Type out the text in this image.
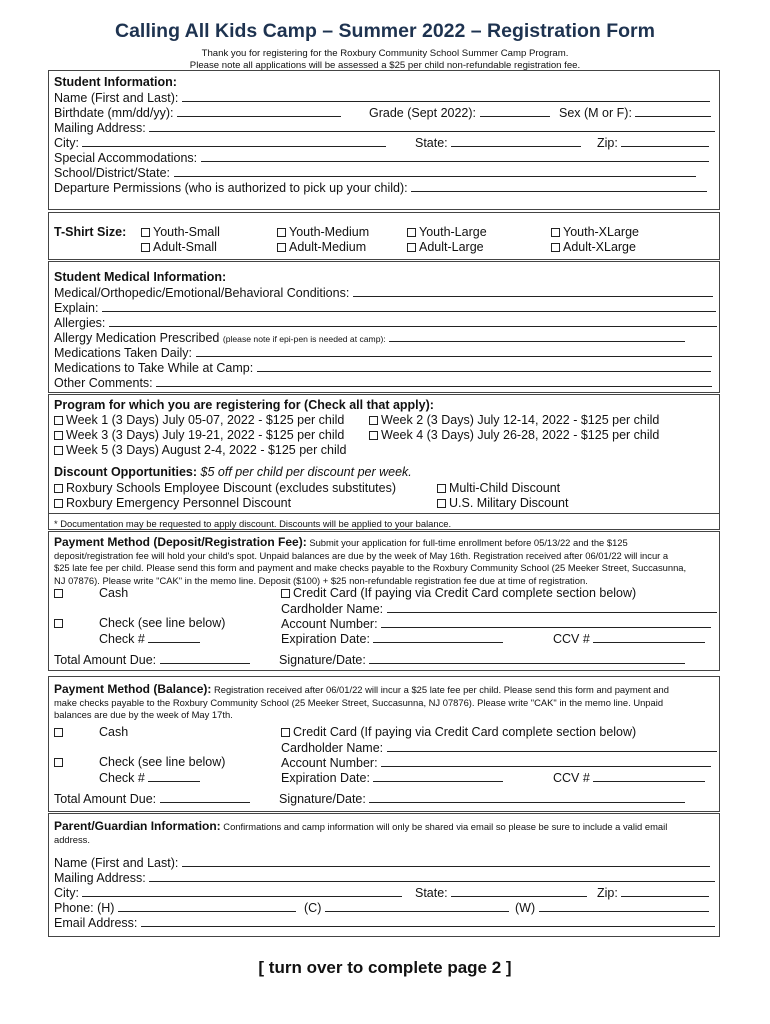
Calling All Kids Camp – Summer 2022 – Registration Form
Thank you for registering for the Roxbury Community School Summer Camp Program.
Please note all applications will be assessed a $25 per child non-refundable registration fee.
Student Information:
Name (First and Last):
Birthdate (mm/dd/yy):	Grade (Sept 2022):	Sex (M or F):
Mailing Address:
City:	State:	Zip:
Special Accommodations:
School/District/State:
Departure Permissions (who is authorized to pick up your child):
T-Shirt Size:	Youth-Small	Youth-Medium	Youth-Large	Youth-XLarge
Adult-Small	Adult-Medium	Adult-Large	Adult-XLarge
Student Medical Information:
Medical/Orthopedic/Emotional/Behavioral Conditions:
Explain:
Allergies:
Allergy Medication Prescribed (please note if epi-pen is needed at camp):
Medications Taken Daily:
Medications to Take While at Camp:
Other Comments:
Program for which you are registering for (Check all that apply):
Week 1 (3 Days) July 05-07, 2022 - $125 per child	Week 2 (3 Days) July 12-14, 2022 - $125 per child
Week 3 (3 Days) July 19-21, 2022 - $125 per child	Week 4 (3 Days) July 26-28, 2022 - $125 per child
Week 5 (3 Days) August 2-4, 2022 - $125 per child
Discount Opportunities: $5 off per child per discount per week.
Roxbury Schools Employee Discount (excludes substitutes)	Multi-Child Discount
Roxbury Emergency Personnel Discount	U.S. Military Discount
* Documentation may be requested to apply discount. Discounts will be applied to your balance.
Payment Method (Deposit/Registration Fee): Submit your application for full-time enrollment before 05/13/22 and the $125
deposit/registration fee will hold your child's spot. Unpaid balances are due by the week of May 16th. Registration received after 06/01/22 will incur a
$25 late fee per child. Please send this form and payment and make checks payable to the Roxbury Community School (25 Meeker Street, Succasunna,
NJ 07876). Please write "CAK" in the memo line. Deposit ($100) + $25 non-refundable registration fee due at time of registration.
Cash	Credit Card (If paying via Credit Card complete section below)
Cardholder Name:
Check (see line below)	Account Number:
Check #	Expiration Date:	CCV #
Total Amount Due:	Signature/Date:
Payment Method (Balance): Registration received after 06/01/22 will incur a $25 late fee per child. Please send this form and payment and
make checks payable to the Roxbury Community School (25 Meeker Street, Succasunna, NJ 07876). Please write "CAK" in the memo line. Unpaid
balances are due by the week of May 17th.
Cash	Credit Card (If paying via Credit Card complete section below)
Cardholder Name:
Check (see line below)	Account Number:
Check #	Expiration Date:	CCV #
Total Amount Due:	Signature/Date:
Parent/Guardian Information: Confirmations and camp information will only be shared via email so please be sure to include a valid email
address.
Name (First and Last):
Mailing Address:
City:	State:	Zip:
Phone: (H)	(C)	(W)
Email Address:
[ turn over to complete page 2 ]
